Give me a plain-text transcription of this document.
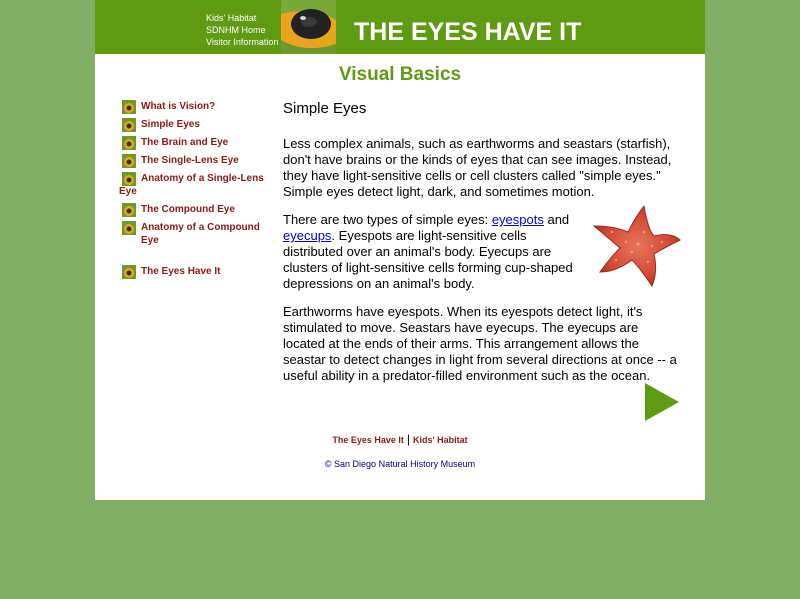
Kids' Habitat
SDNHM Home
Visitor Information	THE EYES HAVE IT
Visual Basics
What is Vision?
Simple Eyes
The Brain and Eye
The Single-Lens Eye
Anatomy of a Single-Lens Eye
The Compound Eye
Anatomy of a Compound Eye
The Eyes Have It
Simple Eyes

Less complex animals, such as earthworms and seastars (starfish), don't have brains or the kinds of eyes that can see images. Instead, they have light-sensitive cells or cell clusters called "simple eyes." Simple eyes detect light, dark, and sometimes motion.

There are two types of simple eyes: eyespots and eyecups. Eyespots are light-sensitive cells distributed over an animal's body. Eyecups are clusters of light-sensitive cells forming cup-shaped depressions on an animal's body.

Earthworms have eyespots. When its eyespots detect light, it's stimulated to move. Seastars have eyecups. The eyecups are located at the ends of their arms. This arrangement allows the seastar to detect changes in light from several directions at once -- a useful ability in a predator-filled environment such as the ocean.

The Eyes Have It | Kids' Habitat
© San Diego Natural History Museum
